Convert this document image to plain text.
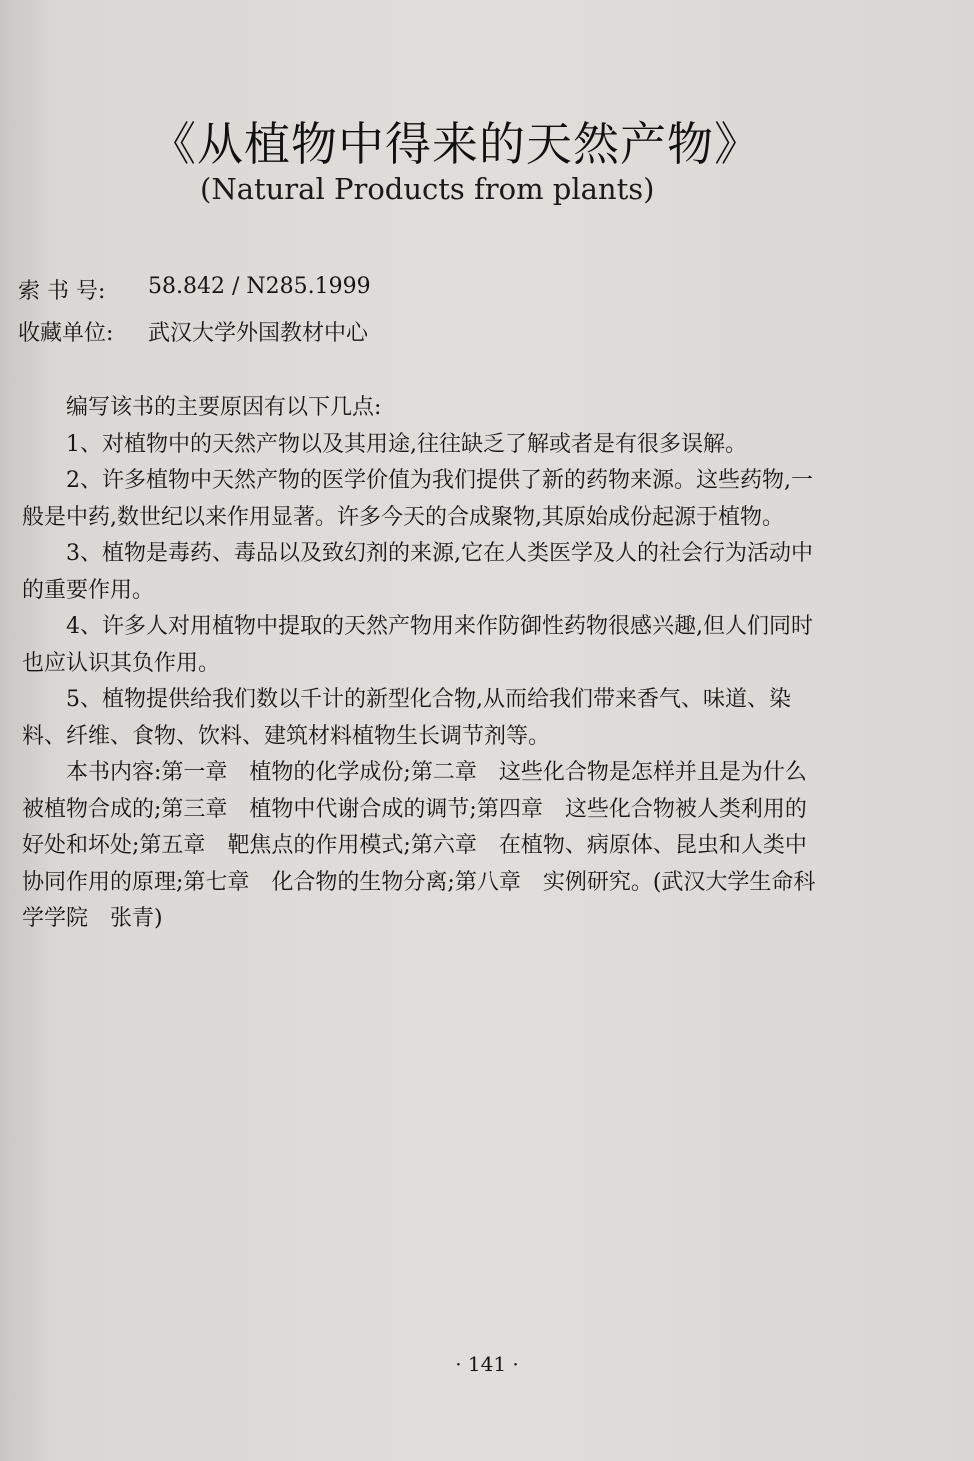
《从植物中得来的天然产物》
(Natural Products from plants)
索 书 号:	58.842 / N285.1999
收藏单位:	武汉大学外国教材中心

编写该书的主要原因有以下几点:

1、对植物中的天然产物以及其用途,往往缺乏了解或者是有很多误解。

2、许多植物中天然产物的医学价值为我们提供了新的药物来源。这些药物,一般是中药,数世纪以来作用显著。许多今天的合成聚物,其原始成份起源于植物。

3、植物是毒药、毒品以及致幻剂的来源,它在人类医学及人的社会行为活动中的重要作用。

4、许多人对用植物中提取的天然产物用来作防御性药物很感兴趣,但人们同时也应认识其负作用。

5、植物提供给我们数以千计的新型化合物,从而给我们带来香气、味道、染料、纤维、食物、饮料、建筑材料植物生长调节剂等。

本书内容:第一章　植物的化学成份;第二章　这些化合物是怎样并且是为什么被植物合成的;第三章　植物中代谢合成的调节;第四章　这些化合物被人类利用的好处和坏处;第五章　靶焦点的作用模式;第六章　在植物、病原体、昆虫和人类中协同作用的原理;第七章　化合物的生物分离;第八章　实例研究。(武汉大学生命科学学院　张青)

· 141 ·
